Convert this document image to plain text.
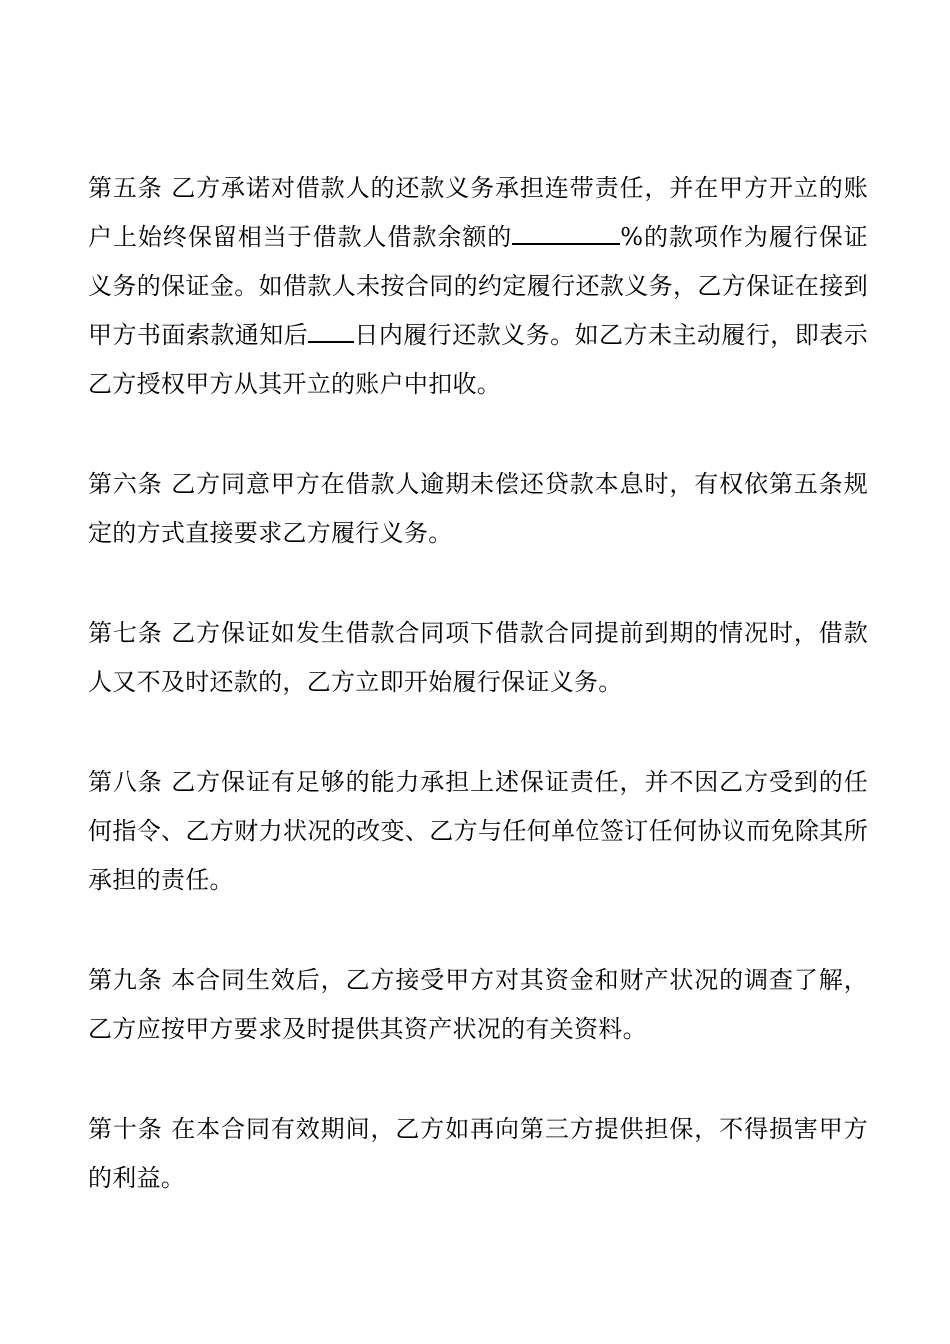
第五条 乙方承诺对借款人的还款义务承担连带责任，并在甲方开立的账户上始终保留相当于借款人借款余额的	%的款项作为履行保证义务的保证金。如借款人未按合同的约定履行还款义务，乙方保证在接到甲方书面索款通知后 日内履行还款义务。如乙方未主动履行，即表示乙方授权甲方从其开立的账户中扣收。

第六条 乙方同意甲方在借款人逾期未偿还贷款本息时，有权依第五条规定的方式直接要求乙方履行义务。

第七条 乙方保证如发生借款合同项下借款合同提前到期的情况时，借款人又不及时还款的，乙方立即开始履行保证义务。

第八条 乙方保证有足够的能力承担上述保证责任，并不因乙方受到的任何指令、乙方财力状况的改变、乙方与任何单位签订任何协议而免除其所承担的责任。

第九条 本合同生效后，乙方接受甲方对其资金和财产状况的调查了解，乙方应按甲方要求及时提供其资产状况的有关资料。

第十条 在本合同有效期间，乙方如再向第三方提供担保，不得损害甲方的利益。
